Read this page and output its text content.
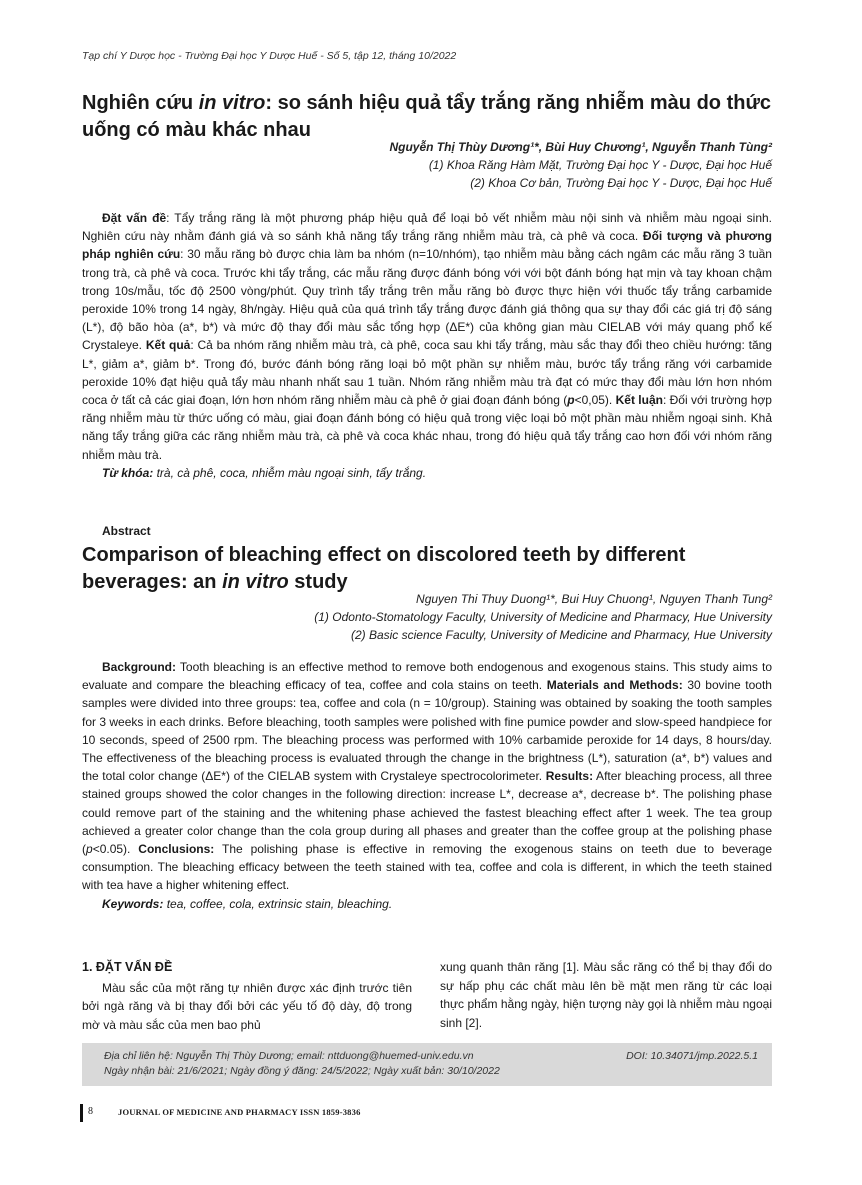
Tạp chí Y Dược học - Trường Đại học Y Dược Huế - Số 5, tập 12, tháng 10/2022
Nghiên cứu in vitro: so sánh hiệu quả tẩy trắng răng nhiễm màu do thức uống có màu khác nhau
Nguyễn Thị Thùy Dương¹*, Bùi Huy Chương¹, Nguyễn Thanh Tùng²
(1) Khoa Răng Hàm Mặt, Trường Đại học Y - Dược, Đại học Huế
(2) Khoa Cơ bản, Trường Đại học Y - Dược, Đại học Huế

Đặt vấn đề: Tẩy trắng răng là một phương pháp hiệu quả để loại bỏ vết nhiễm màu nội sinh và nhiễm màu ngoại sinh. Nghiên cứu này nhằm đánh giá và so sánh khả năng tẩy trắng răng nhiễm màu trà, cà phê và coca. Đối tượng và phương pháp nghiên cứu: 30 mẫu răng bò được chia làm ba nhóm (n=10/nhóm), tạo nhiễm màu bằng cách ngâm các mẫu răng 3 tuần trong trà, cà phê và coca. Trước khi tẩy trắng, các mẫu răng được đánh bóng với với bột đánh bóng hạt mịn và tay khoan chậm trong 10s/mẫu, tốc độ 2500 vòng/phút. Quy trình tẩy trắng trên mẫu răng bò được thực hiện với thuốc tẩy trắng carbamide peroxide 10% trong 14 ngày, 8h/ngày. Hiệu quả của quá trình tẩy trắng được đánh giá thông qua sự thay đổi các giá trị độ sáng (L*), độ bão hòa (a*, b*) và mức độ thay đổi màu sắc tổng hợp (ΔE*) của không gian màu CIELAB với máy quang phổ kế Crystaleye. Kết quả: Cả ba nhóm răng nhiễm màu trà, cà phê, coca sau khi tẩy trắng, màu sắc thay đổi theo chiều hướng: tăng L*, giảm a*, giảm b*. Trong đó, bước đánh bóng răng loại bỏ một phần sự nhiễm màu, bước tẩy trắng răng với carbamide peroxide 10% đạt hiệu quả tẩy màu nhanh nhất sau 1 tuần. Nhóm răng nhiễm màu trà đạt có mức thay đổi màu lớn hơn nhóm coca ở tất cả các giai đoạn, lớn hơn nhóm răng nhiễm màu cà phê ở giai đoạn đánh bóng (p<0,05). Kết luận: Đối với trường hợp răng nhiễm màu từ thức uống có màu, giai đoạn đánh bóng có hiệu quả trong việc loại bỏ một phần màu nhiễm ngoại sinh. Khả năng tẩy trắng giữa các răng nhiễm màu trà, cà phê và coca khác nhau, trong đó hiệu quả tẩy trắng cao hơn đối với nhóm răng nhiễm màu trà.

Từ khóa: trà, cà phê, coca, nhiễm màu ngoại sinh, tẩy trắng.

Abstract
Comparison of bleaching effect on discolored teeth by different beverages: an in vitro study
Nguyen Thi Thuy Duong¹*, Bui Huy Chuong¹, Nguyen Thanh Tung²
(1) Odonto-Stomatology Faculty, University of Medicine and Pharmacy, Hue University
(2) Basic science Faculty, University of Medicine and Pharmacy, Hue University

Background: Tooth bleaching is an effective method to remove both endogenous and exogenous stains. This study aims to evaluate and compare the bleaching efficacy of tea, coffee and cola stains on teeth. Materials and Methods: 30 bovine tooth samples were divided into three groups: tea, coffee and cola (n = 10/group). Staining was obtained by soaking the tooth samples for 3 weeks in each drinks. Before bleaching, tooth samples were polished with fine pumice powder and slow-speed handpiece for 10 seconds, speed of 2500 rpm. The bleaching process was performed with 10% carbamide peroxide for 14 days, 8 hours/day. The effectiveness of the bleaching process is evaluated through the change in the brightness (L*), saturation (a*, b*) values and the total color change (ΔE*) of the CIELAB system with Crystaleye spectrocolorimeter. Results: After bleaching process, all three stained groups showed the color changes in the following direction: increase L*, decrease a*, decrease b*. The polishing phase could remove part of the staining and the whitening phase achieved the fastest bleaching effect after 1 week. The tea group achieved a greater color change than the cola group during all phases and greater than the coffee group at the polishing phase (p<0.05). Conclusions: The polishing phase is effective in removing the exogenous stains on teeth due to beverage consumption. The bleaching efficacy between the teeth stained with tea, coffee and cola is different, in which the teeth stained with tea have a higher whitening effect.

Keywords: tea, coffee, cola, extrinsic stain, bleaching.

1. ĐẶT VẤN ĐỀ

Màu sắc của một răng tự nhiên được xác định trước tiên bởi ngà răng và bị thay đổi bởi các yếu tố độ dày, độ trong mờ và màu sắc của men bao phủ

xung quanh thân răng [1]. Màu sắc răng có thể bị thay đổi do sự hấp phụ các chất màu lên bề mặt men răng từ các loại thực phẩm hằng ngày, hiện tượng này gọi là nhiễm màu ngoại sinh [2].

Địa chỉ liên hệ: Nguyễn Thị Thùy Dương; email: nttduong@huemed-univ.edu.vn
Ngày nhận bài: 21/6/2021; Ngày đồng ý đăng: 24/5/2022; Ngày xuất bản: 30/10/2022
DOI: 10.34071/jmp.2022.5.1
8	JOURNAL OF MEDICINE AND PHARMACY ISSN 1859-3836
